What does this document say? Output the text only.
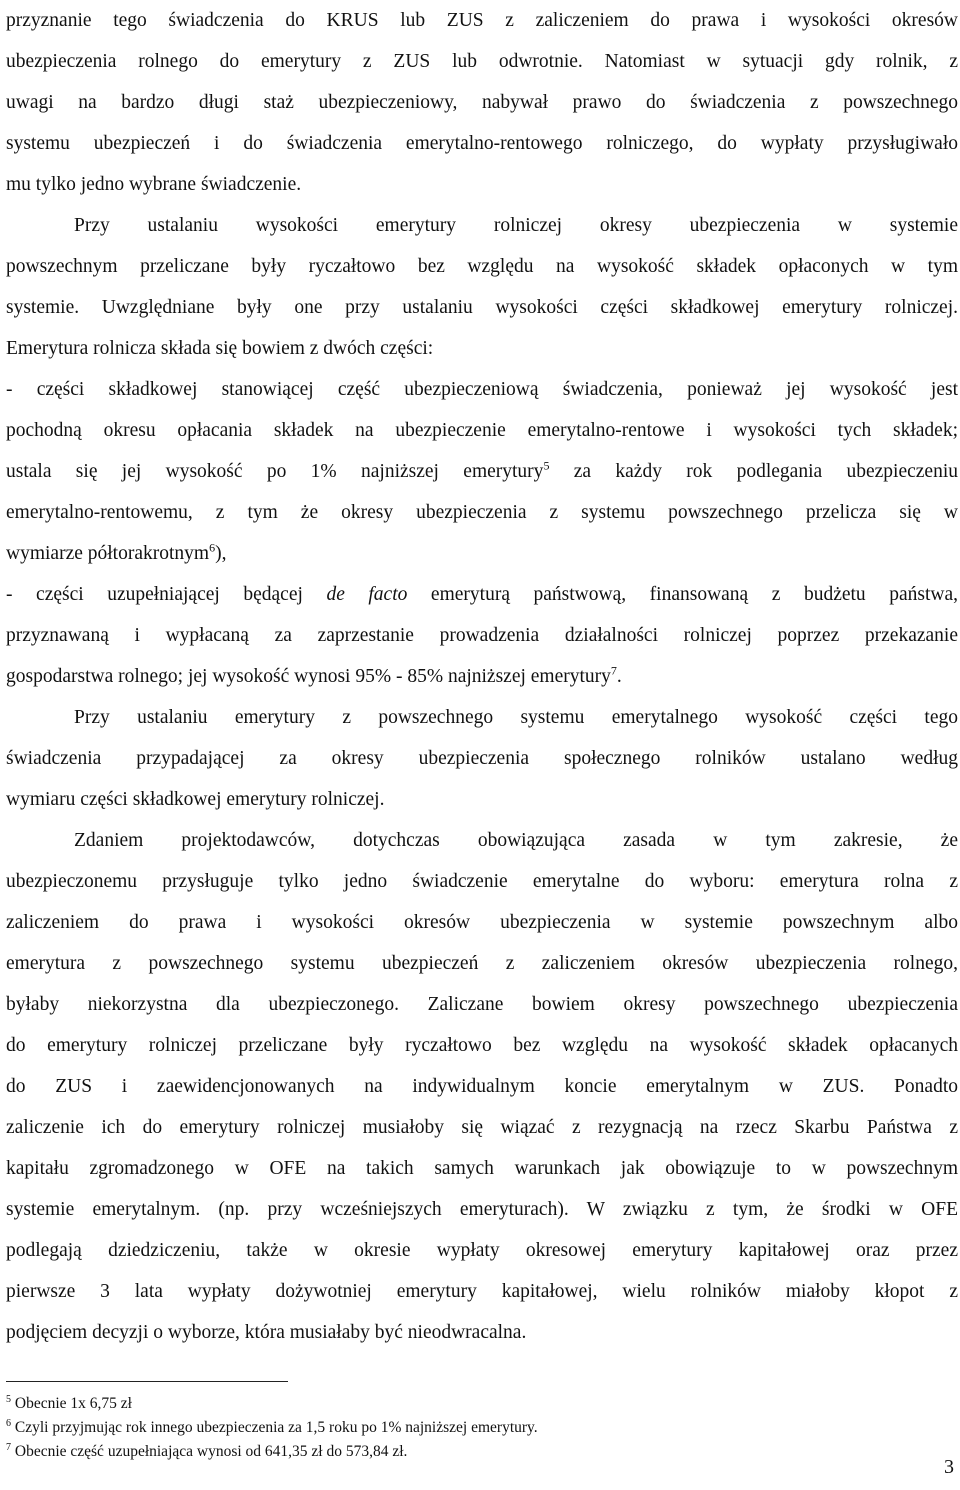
przyznanie tego świadczenia do KRUS lub ZUS z zaliczeniem do prawa i wysokości okresów
ubezpieczenia rolnego do emerytury z ZUS lub odwrotnie. Natomiast w sytuacji gdy rolnik, z
uwagi na bardzo długi staż ubezpieczeniowy, nabywał prawo do świadczenia z powszechnego
systemu ubezpieczeń i do świadczenia emerytalno-rentowego rolniczego, do wypłaty przysługiwało
mu tylko jedno wybrane świadczenie.
Przy ustalaniu wysokości emerytury rolniczej okresy ubezpieczenia w systemie
powszechnym przeliczane były ryczałtowo bez względu na wysokość składek opłaconych w tym
systemie. Uwzględniane były one przy ustalaniu wysokości części składkowej emerytury rolniczej.
Emerytura rolnicza składa się bowiem z dwóch części:
- części składkowej stanowiącej część ubezpieczeniową świadczenia, ponieważ jej wysokość jest
pochodną okresu opłacania składek na ubezpieczenie emerytalno-rentowe i wysokości tych składek;
ustala się jej wysokość po 1% najniższej emerytury$^5$ za każdy rok podlegania ubezpieczeniu
emerytalno-rentowemu, z tym że okresy ubezpieczenia z systemu powszechnego przelicza się w
wymiarze półtorakrotnym$^6$),
- części uzupełniającej będącej de facto emeryturą państwową, finansowaną z budżetu państwa,
przyznawaną i wypłacaną za zaprzestanie prowadzenia działalności rolniczej poprzez przekazanie
gospodarstwa rolnego; jej wysokość wynosi 95% - 85% najniższej emerytury$^7$.
Przy ustalaniu emerytury z powszechnego systemu emerytalnego wysokość części tego
świadczenia przypadającej za okresy ubezpieczenia społecznego rolników ustalano według
wymiaru części składkowej emerytury rolniczej.
Zdaniem projektodawców, dotychczas obowiązująca zasada w tym zakresie, że
ubezpieczonemu przysługuje tylko jedno świadczenie emerytalne do wyboru: emerytura rolna z
zaliczeniem do prawa i wysokości okresów ubezpieczenia w systemie powszechnym albo
emerytura z powszechnego systemu ubezpieczeń z zaliczeniem okresów ubezpieczenia rolnego,
byłaby niekorzystna dla ubezpieczonego. Zaliczane bowiem okresy powszechnego ubezpieczenia
do emerytury rolniczej przeliczane były ryczałtowo bez względu na wysokość składek opłacanych
do ZUS i zaewidencjonowanych na indywidualnym koncie emerytalnym w ZUS. Ponadto
zaliczenie ich do emerytury rolniczej musiałoby się wiązać z rezygnacją na rzecz Skarbu Państwa z
kapitału zgromadzonego w OFE na takich samych warunkach jak obowiązuje to w powszechnym
systemie emerytalnym. (np. przy wcześniejszych emeryturach). W związku z tym, że środki w OFE
podlegają dziedziczeniu, także w okresie wypłaty okresowej emerytury kapitałowej oraz przez
pierwsze 3 lata wypłaty dożywotniej emerytury kapitałowej, wielu rolników miałoby kłopot z
podjęciem decyzji o wyborze, która musiałaby być nieodwracalna.
$^5$ Obecnie 1x 6,75 zł
$^6$ Czyli przyjmując rok innego ubezpieczenia za 1,5 roku po 1% najniższej emerytury.
$^7$ Obecnie część uzupełniająca wynosi od 641,35 zł do 573,84 zł.
3
